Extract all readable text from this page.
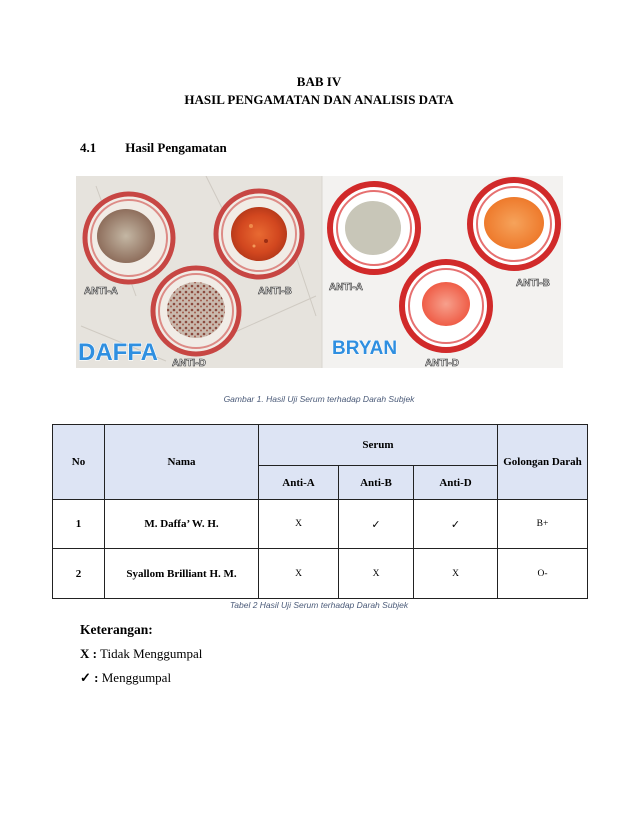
BAB IV
HASIL PENGAMATAN DAN ANALISIS DATA
4.1 Hasil Pengamatan
ANTI-A	ANTI-B
ANTI-D
DAFFA
ANTI-A	ANTI-B
ANTI-D
BRYAN
Gambar 1. Hasil Uji Serum terhadap Darah Subjek
No	Nama	Serum			Golongan Darah
		Anti-A	Anti-B	Anti-D	
1	M. Daffa’ W. H.	X	✓	✓	B+
2	Syallom Brilliant H. M.	X	X	X	O-
Tabel 2 Hasil Uji Serum terhadap Darah Subjek
Keterangan:
X : Tidak Menggumpal
✓ : Menggumpal
